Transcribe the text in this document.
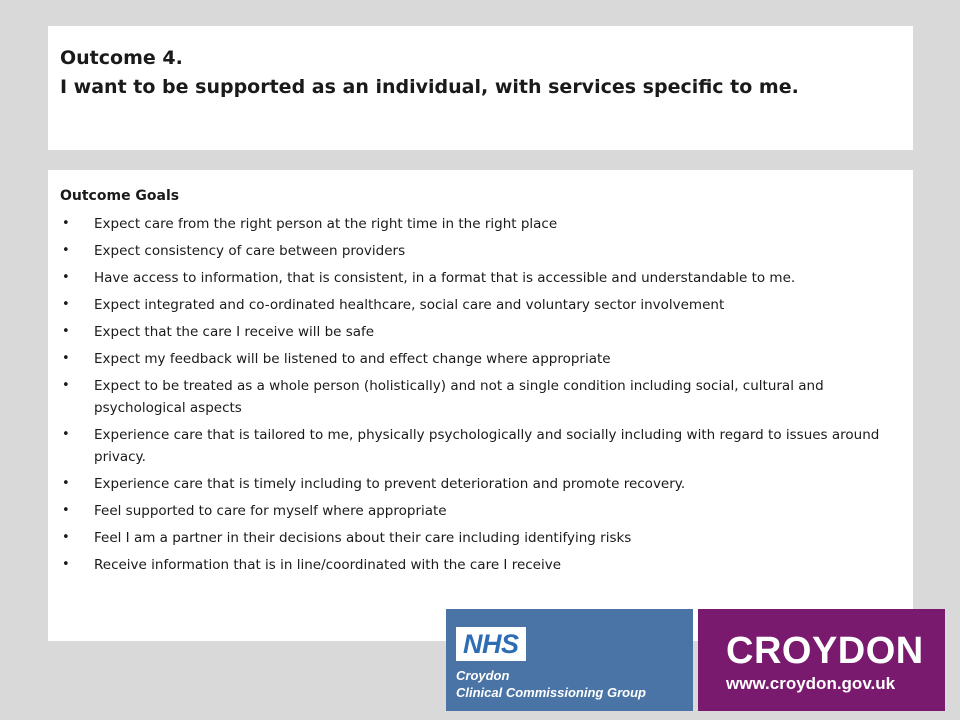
Outcome 4.
I want to be supported as an individual, with services specific to me.
Outcome Goals
• Expect care from the right person at the right time in the right place
• Expect consistency of care between providers
• Have access to information, that is consistent, in a format that is accessible and understandable to me.
• Expect integrated and co-ordinated healthcare, social care and voluntary sector involvement
• Expect that the care I receive will be safe
• Expect my feedback will be listened to and effect change where appropriate
• Expect to be treated as a whole person (holistically) and not a single condition including social, cultural and psychological aspects
• Experience care that is tailored to me, physically psychologically and socially including with regard to issues around privacy.
• Experience care that is timely including to prevent deterioration and promote recovery.
• Feel supported to care for myself where appropriate
• Feel I am a partner in their decisions about their care including identifying risks
• Receive information that is in line/coordinated with the care I receive
NHS
Croydon
Clinical Commissioning Group
CROYDON
www.croydon.gov.uk
